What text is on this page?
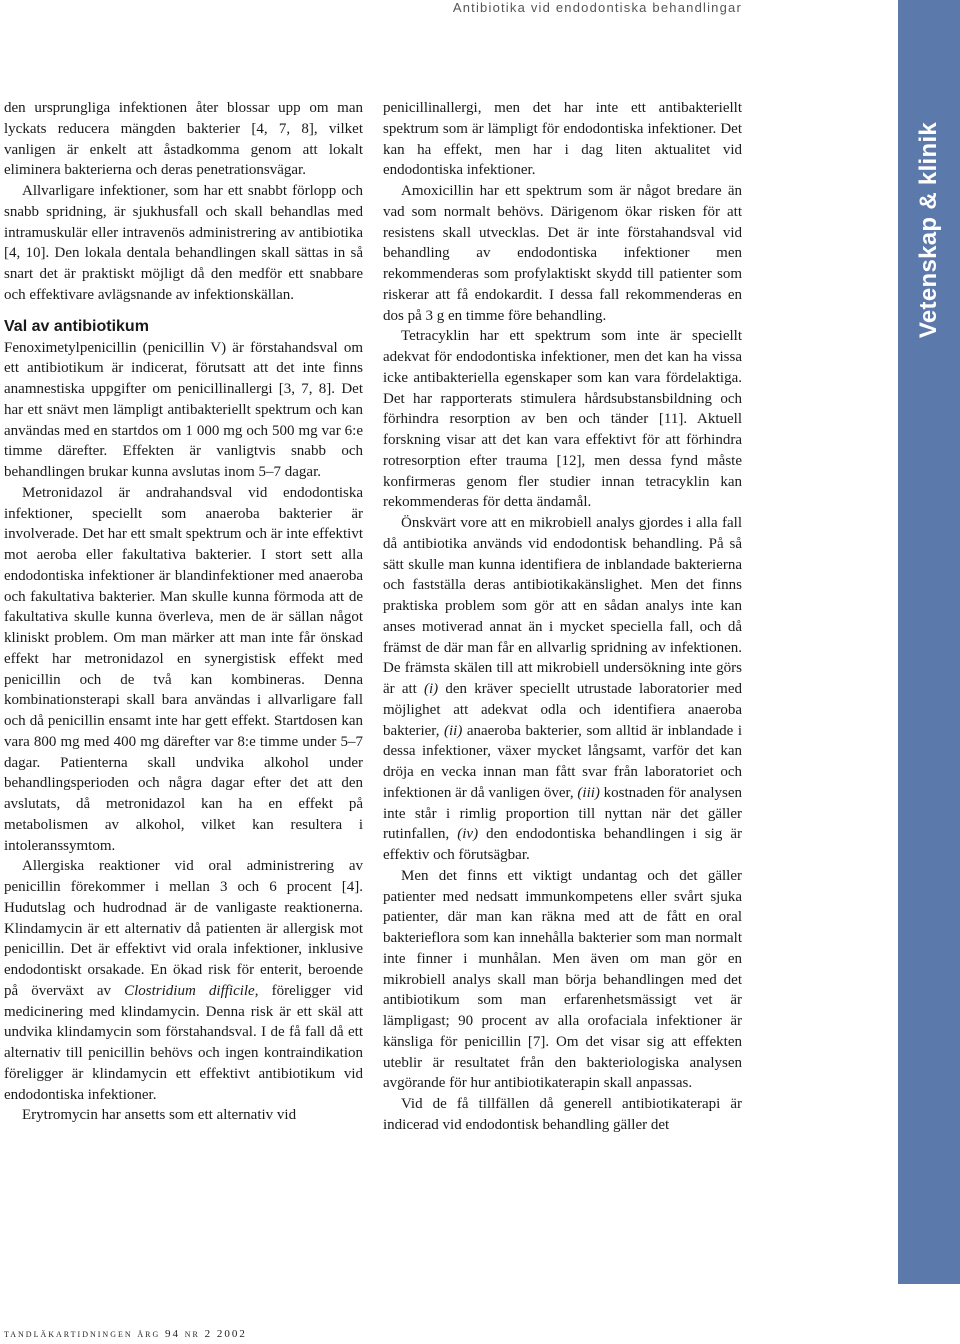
Antibiotika vid endodontiska behandlingar
Vetenskap & klinik

den ursprungliga infektionen åter blossar upp om man lyckats reducera mängden bakterier [4, 7, 8], vilket vanligen är enkelt att åstadkomma genom att lokalt eliminera bakterierna och deras penetrationsvägar.

Allvarligare infektioner, som har ett snabbt förlopp och snabb spridning, är sjukhusfall och skall behandlas med intramuskulär eller intravenös administrering av antibiotika [4, 10]. Den lokala dentala behandlingen skall sättas in så snart det är praktiskt möjligt då den medför ett snabbare och effektivare avlägsnande av infektionskällan.

Val av antibiotikum

Fenoximetylpenicillin (penicillin V) är förstahandsval om ett antibiotikum är indicerat, förutsatt att det inte finns anamnestiska uppgifter om penicillinallergi [3, 7, 8]. Det har ett snävt men lämpligt antibakteriellt spektrum och kan användas med en startdos om 1 000 mg och 500 mg var 6:e timme därefter. Effekten är vanligtvis snabb och behandlingen brukar kunna avslutas inom 5–7 dagar.

Metronidazol är andrahandsval vid endodontiska infektioner, speciellt som anaeroba bakterier är involverade. Det har ett smalt spektrum och är inte effektivt mot aeroba eller fakultativa bakterier. I stort sett alla endodontiska infektioner är blandinfektioner med anaeroba och fakultativa bakterier. Man skulle kunna förmoda att de fakultativa skulle kunna överleva, men de är sällan något kliniskt problem. Om man märker att man inte får önskad effekt har metronidazol en synergistisk effekt med penicillin och de två kan kombineras. Denna kombinationsterapi skall bara användas i allvarligare fall och då penicillin ensamt inte har gett effekt. Startdosen kan vara 800 mg med 400 mg därefter var 8:e timme under 5–7 dagar. Patienterna skall undvika alkohol under behandlingsperioden och några dagar efter det att den avslutats, då metronidazol kan ha en effekt på metabolismen av alkohol, vilket kan resultera i intoleranssymtom.

Allergiska reaktioner vid oral administrering av penicillin förekommer i mellan 3 och 6 procent [4]. Hudutslag och hudrodnad är de vanligaste reaktionerna. Klindamycin är ett alternativ då patienten är allergisk mot penicillin. Det är effektivt vid orala infektioner, inklusive endodontiskt orsakade. En ökad risk för enterit, beroende på överväxt av Clostridium difficile, föreligger vid medicinering med klindamycin. Denna risk är ett skäl att undvika klindamycin som förstahandsval. I de få fall då ett alternativ till penicillin behövs och ingen kontraindikation föreligger är klindamycin ett effektivt antibiotikum vid endodontiska infektioner.

Erytromycin har ansetts som ett alternativ vid

penicillinallergi, men det har inte ett antibakteriellt spektrum som är lämpligt för endodontiska infektioner. Det kan ha effekt, men har i dag liten aktualitet vid endodontiska infektioner.

Amoxicillin har ett spektrum som är något bredare än vad som normalt behövs. Därigenom ökar risken för att resistens skall utvecklas. Det är inte förstahandsval vid behandling av endodontiska infektioner men rekommenderas som profylaktiskt skydd till patienter som riskerar att få endokardit. I dessa fall rekommenderas en dos på 3 g en timme före behandling.

Tetracyklin har ett spektrum som inte är speciellt adekvat för endodontiska infektioner, men det kan ha vissa icke antibakteriella egenskaper som kan vara fördelaktiga. Det har rapporterats stimulera hårdsubstansbildning och förhindra resorption av ben och tänder [11]. Aktuell forskning visar att det kan vara effektivt för att förhindra rotresorption efter trauma [12], men dessa fynd måste konfirmeras genom fler studier innan tetracyklin kan rekommenderas för detta ändamål.

Önskvärt vore att en mikrobiell analys gjordes i alla fall då antibiotika används vid endodontisk behandling. På så sätt skulle man kunna identifiera de inblandade bakterierna och fastställa deras antibiotikakänslighet. Men det finns praktiska problem som gör att en sådan analys inte kan anses motiverad annat än i mycket speciella fall, och då främst de där man får en allvarlig spridning av infektionen. De främsta skälen till att mikrobiell undersökning inte görs är att (i) den kräver speciellt utrustade laboratorier med möjlighet att adekvat odla och identifiera anaeroba bakterier, (ii) anaeroba bakterier, som alltid är inblandade i dessa infektioner, växer mycket långsamt, varför det kan dröja en vecka innan man fått svar från laboratoriet och infektionen är då vanligen över, (iii) kostnaden för analysen inte står i rimlig proportion till nyttan när det gäller rutinfallen, (iv) den endodontiska behandlingen i sig är effektiv och förutsägbar.

Men det finns ett viktigt undantag och det gäller patienter med nedsatt immunkompetens eller svårt sjuka patienter, där man kan räkna med att de fått en oral bakterieflora som kan innehålla bakterier som man normalt inte finner i munhålan. Men även om man gör en mikrobiell analys skall man börja behandlingen med det antibiotikum som man erfarenhetsmässigt vet är lämpligast; 90 procent av alla orofaciala infektioner är känsliga för penicillin [7]. Om det visar sig att effekten uteblir är resultatet från den bakteriologiska analysen avgörande för hur antibiotikaterapin skall anpassas.

Vid de få tillfällen då generell antibiotikaterapi är indicerad vid endodontisk behandling gäller det

tandläkartidningen årg 94 nr 2 2002
